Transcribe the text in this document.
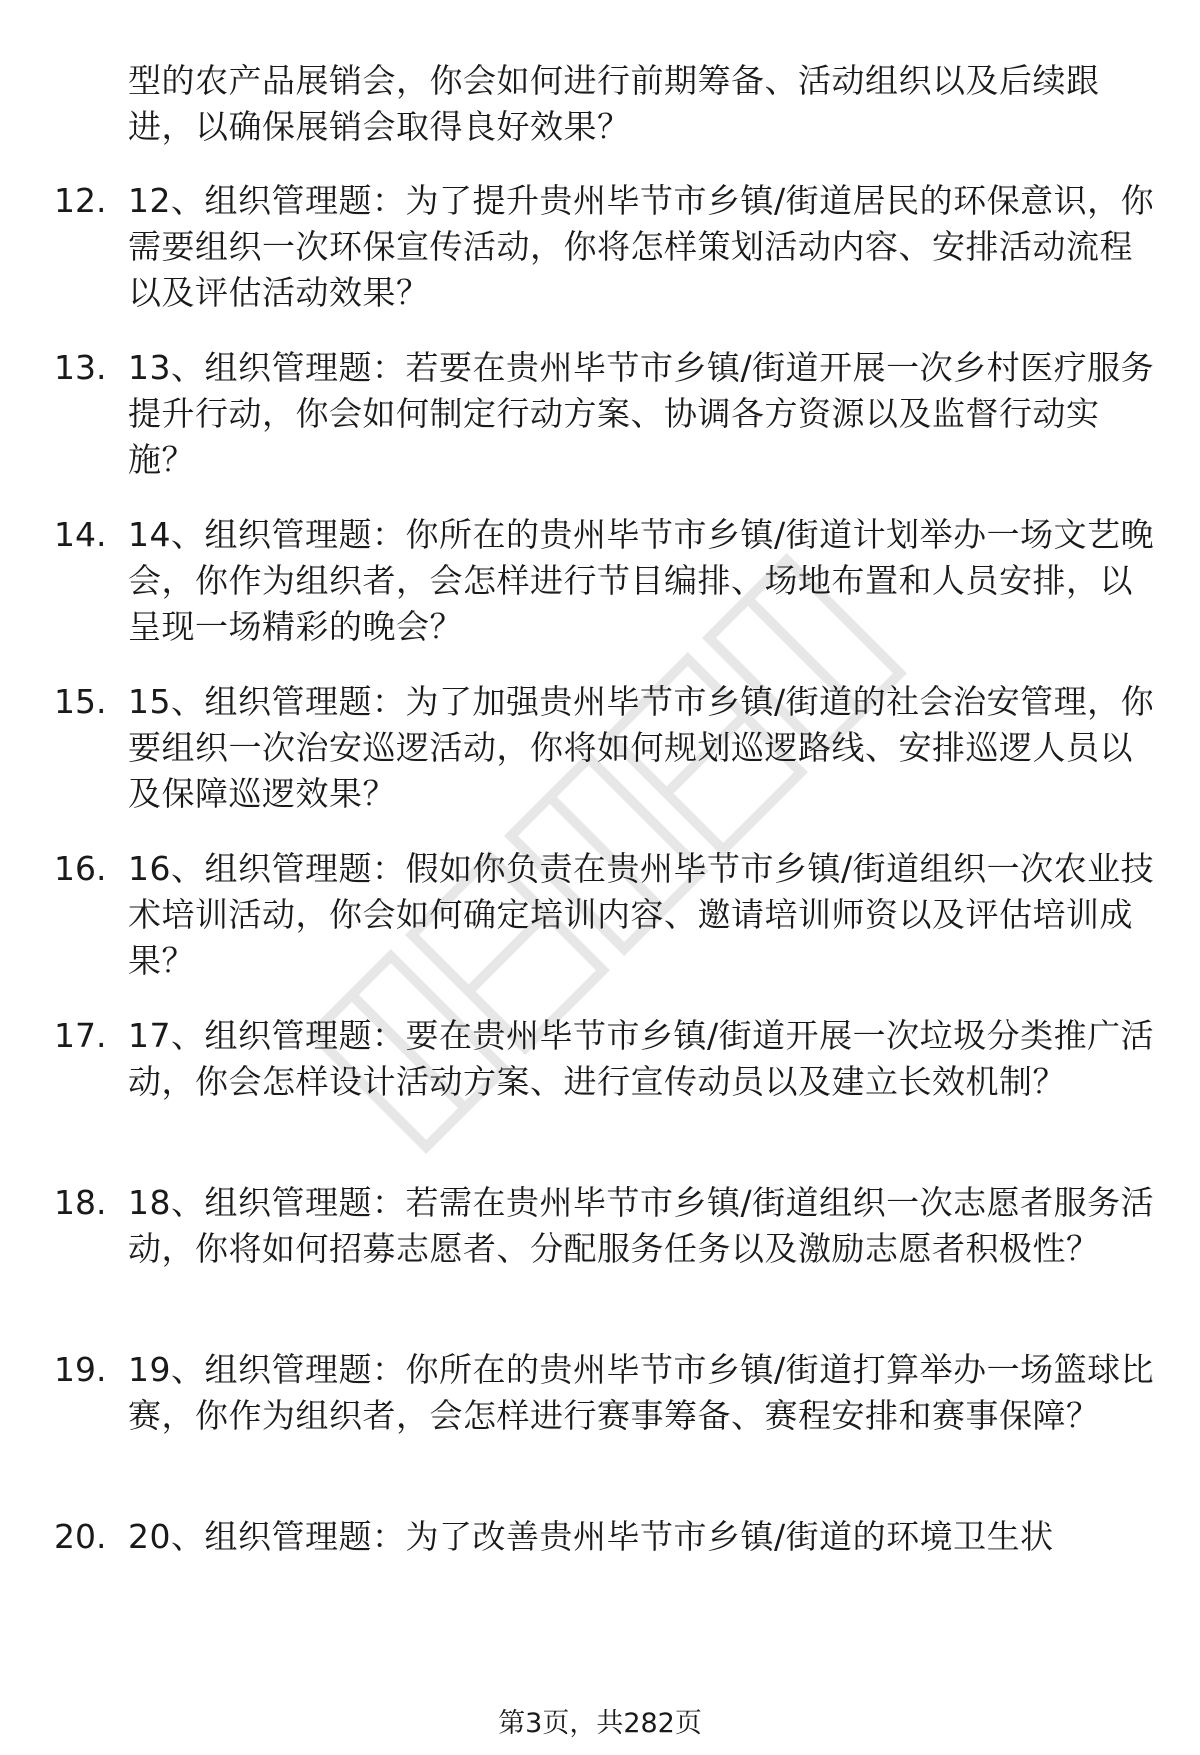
型的农产品展销会，你会如何进行前期筹备、活动组织以及后续跟进，以确保展销会取得良好效果？

12. 12、组织管理题：为了提升贵州毕节市乡镇/街道居民的环保意识，你需要组织一次环保宣传活动，你将怎样策划活动内容、安排活动流程以及评估活动效果？

13. 13、组织管理题：若要在贵州毕节市乡镇/街道开展一次乡村医疗服务提升行动，你会如何制定行动方案、协调各方资源以及监督行动实施？

14. 14、组织管理题：你所在的贵州毕节市乡镇/街道计划举办一场文艺晚会，你作为组织者，会怎样进行节目编排、场地布置和人员安排，以呈现一场精彩的晚会？

15. 15、组织管理题：为了加强贵州毕节市乡镇/街道的社会治安管理，你要组织一次治安巡逻活动，你将如何规划巡逻路线、安排巡逻人员以及保障巡逻效果？

16. 16、组织管理题：假如你负责在贵州毕节市乡镇/街道组织一次农业技术培训活动，你会如何确定培训内容、邀请培训师资以及评估培训成果？

17. 17、组织管理题：要在贵州毕节市乡镇/街道开展一次垃圾分类推广活动，你会怎样设计活动方案、进行宣传动员以及建立长效机制？

18. 18、组织管理题：若需在贵州毕节市乡镇/街道组织一次志愿者服务活动，你将如何招募志愿者、分配服务任务以及激励志愿者积极性？

19. 19、组织管理题：你所在的贵州毕节市乡镇/街道打算举办一场篮球比赛，你作为组织者，会怎样进行赛事筹备、赛程安排和赛事保障？

20. 20、组织管理题：为了改善贵州毕节市乡镇/街道的环境卫生状

第3页，共282页
